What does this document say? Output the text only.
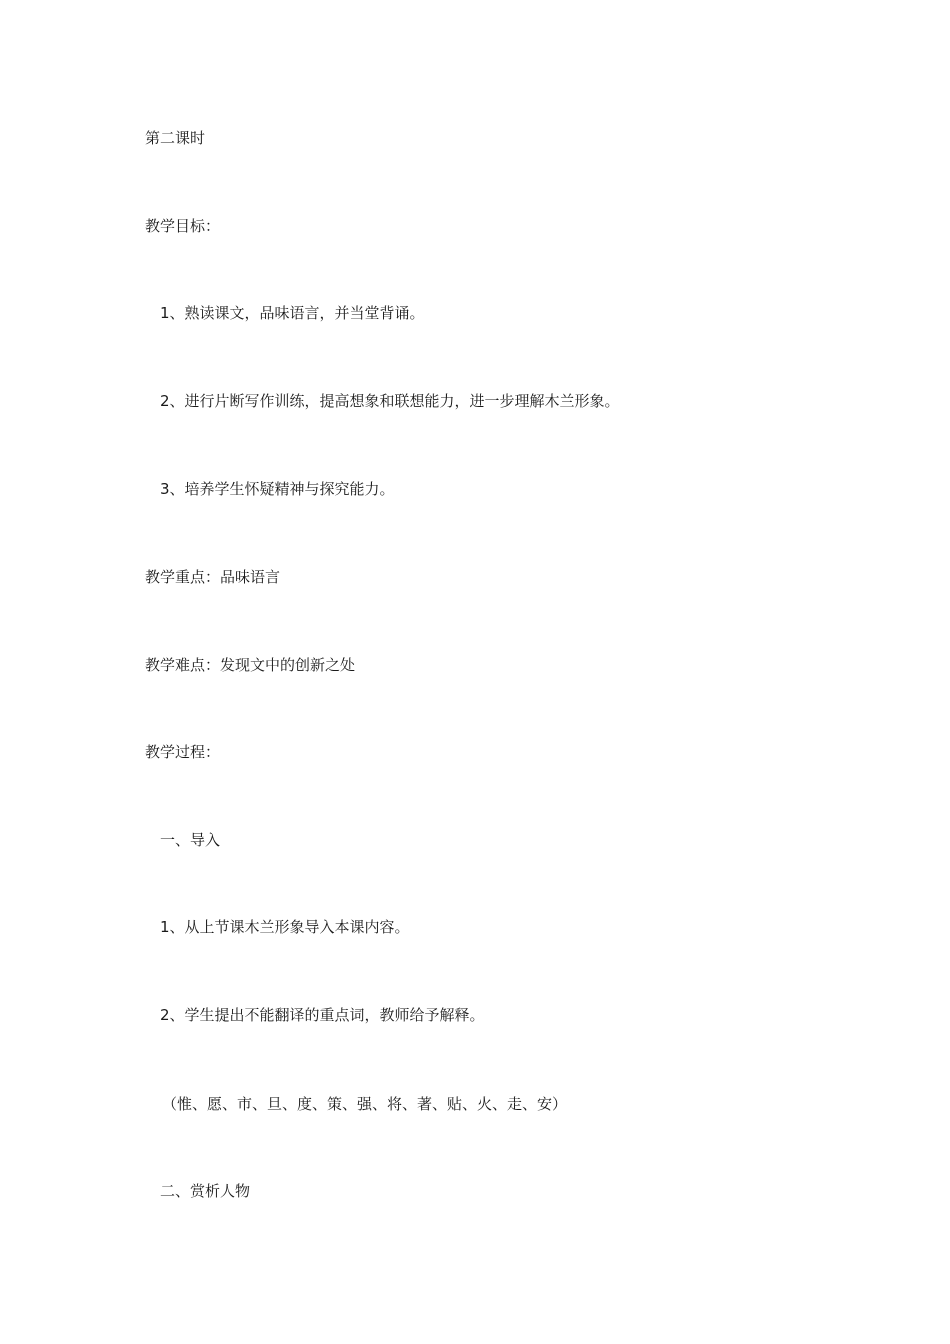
第二课时
教学目标：
1、熟读课文，品味语言，并当堂背诵。
2、进行片断写作训练，提高想象和联想能力，进一步理解木兰形象。
3、培养学生怀疑精神与探究能力。
教学重点：品味语言
教学难点：发现文中的创新之处
教学过程：
一、导入
1、从上节课木兰形象导入本课内容。
2、学生提出不能翻译的重点词，教师给予解释。
（惟、愿、市、旦、度、策、强、将、著、贴、火、走、安）
二、赏析人物
